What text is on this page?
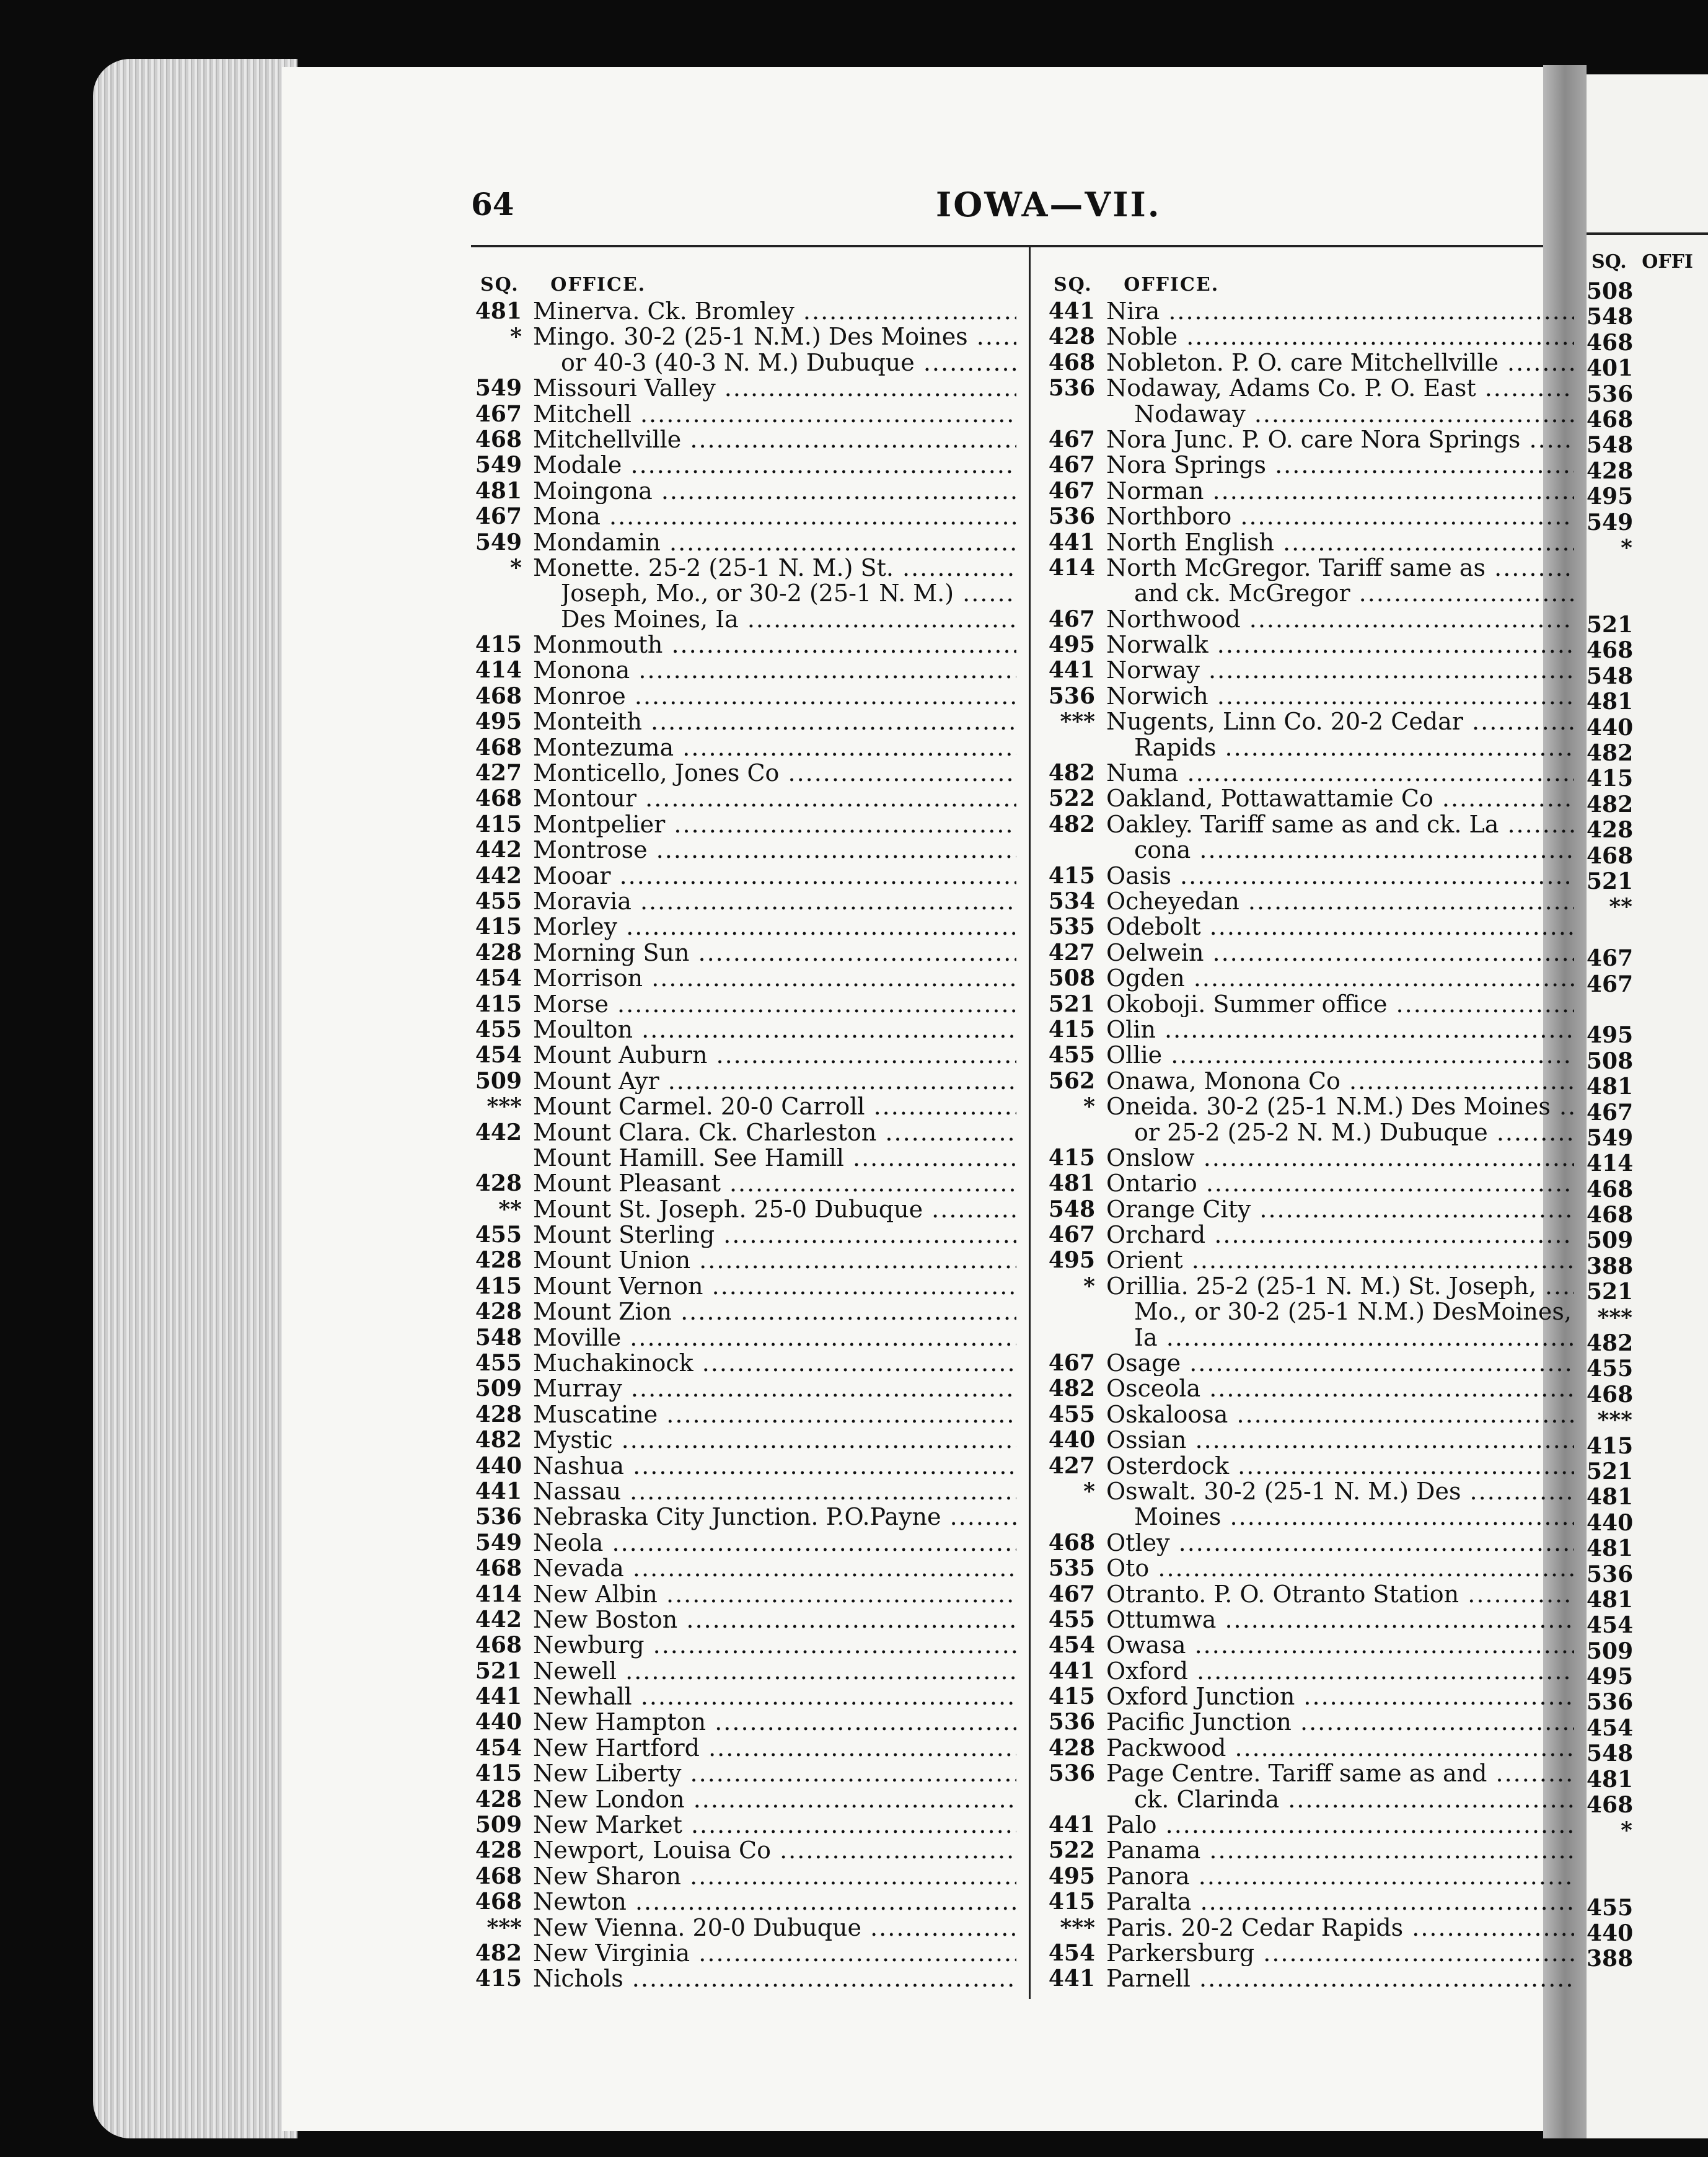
SQ. OFFI
508
548
468
401
536
468
548
428
495
549
*
521
468
548
481
440
482
415
482
428
468
521
**
467
467
495
508
481
467
549
414
468
468
509
388
521
***
482
455
468
***
415
521
481
440
481
536
481
454
509
495
536
454
548
481
468
*
455
440
388
64	IOWA—VII.
SQ. OFFICE.	SQ. OFFICE.
481 Minerva. Ck. Bromley .....
* Mingo. 30-2 (25-1 N.M.) Des Moines .....
or 40-3 (40-3 N. M.) Dubuque .....
549 Missouri Valley .....
467 Mitchell .....
468 Mitchellville .....
549 Modale .....
481 Moingona .....
467 Mona .....
549 Mondamin .....
* Monette. 25-2 (25-1 N. M.) St. .....
Joseph, Mo., or 30-2 (25-1 N. M.) .....
Des Moines, Ia .....
415 Monmouth .....
414 Monona .....
468 Monroe .....
495 Monteith .....
468 Montezuma .....
427 Monticello, Jones Co .....
468 Montour .....
415 Montpelier .....
442 Montrose .....
442 Mooar .....
455 Moravia .....
415 Morley .....
428 Morning Sun .....
454 Morrison .....
415 Morse .....
455 Moulton .....
454 Mount Auburn .....
509 Mount Ayr .....
*** Mount Carmel. 20-0 Carroll .....
442 Mount Clara. Ck. Charleston .....
Mount Hamill. See Hamill .....
428 Mount Pleasant .....
** Mount St. Joseph. 25-0 Dubuque .....
455 Mount Sterling .....
428 Mount Union .....
415 Mount Vernon .....
428 Mount Zion .....
548 Moville .....
455 Muchakinock .....
509 Murray .....
428 Muscatine .....
482 Mystic .....
440 Nashua .....
441 Nassau .....
536 Nebraska City Junction. P.O.Payne .....
549 Neola .....
468 Nevada .....
414 New Albin .....
442 New Boston .....
468 Newburg .....
521 Newell .....
441 Newhall .....
440 New Hampton .....
454 New Hartford .....
415 New Liberty .....
428 New London .....
509 New Market .....
428 Newport, Louisa Co .....
468 New Sharon .....
468 Newton .....
*** New Vienna. 20-0 Dubuque .....
482 New Virginia .....
415 Nichols .....
441 Nira .....
428 Noble .....
468 Nobleton. P. O. care Mitchellville .....
536 Nodaway, Adams Co. P. O. East .....
Nodaway .....
467 Nora Junc. P. O. care Nora Springs .....
467 Nora Springs .....
467 Norman .....
536 Northboro .....
441 North English .....
414 North McGregor. Tariff same as .....
and ck. McGregor .....
467 Northwood .....
495 Norwalk .....
441 Norway .....
536 Norwich .....
*** Nugents, Linn Co. 20-2 Cedar .....
Rapids .....
482 Numa .....
522 Oakland, Pottawattamie Co .....
482 Oakley. Tariff same as and ck. La .....
cona .....
415 Oasis .....
534 Ocheyedan .....
535 Odebolt .....
427 Oelwein .....
508 Ogden .....
521 Okoboji. Summer office .....
415 Olin .....
455 Ollie .....
562 Onawa, Monona Co .....
* Oneida. 30-2 (25-1 N.M.) Des Moines .....
or 25-2 (25-2 N. M.) Dubuque .....
415 Onslow .....
481 Ontario .....
548 Orange City .....
467 Orchard .....
495 Orient .....
* Orillia. 25-2 (25-1 N. M.) St. Joseph, .....
Mo., or 30-2 (25-1 N.M.) DesMoines, .....
Ia .....
467 Osage .....
482 Osceola .....
455 Oskaloosa .....
440 Ossian .....
427 Osterdock .....
* Oswalt. 30-2 (25-1 N. M.) Des .....
Moines .....
468 Otley .....
535 Oto .....
467 Otranto. P. O. Otranto Station .....
455 Ottumwa .....
454 Owasa .....
441 Oxford .....
415 Oxford Junction .....
536 Pacific Junction .....
428 Packwood .....
536 Page Centre. Tariff same as and .....
ck. Clarinda .....
441 Palo .....
522 Panama .....
495 Panora .....
415 Paralta .....
*** Paris. 20-2 Cedar Rapids .....
454 Parkersburg .....
441 Parnell .....
